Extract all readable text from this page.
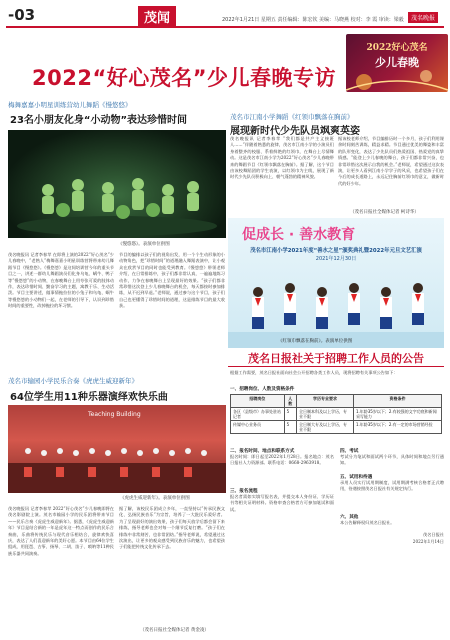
-03	茂闻	2022年1月21日 星期五 责任编辑：陈宏钦 美编：马晓燕 校对：李 霞 审读：梁毅	茂名晚报
2022“好心茂名”少儿春晚专访
2022好心茂名
少儿春晚
梅舞嘉嘉小明星训练营幼儿舞蹈《慢悠悠》
23名小朋友化身“小动物”表达珍惜时间
《慢悠悠》。表演单位供图
茂名晚报讯 记者李春苹 在即将上演的2022“好心茂名”少儿春晚中，“老熟人”梅舞嘉嘉小明星训练营将带来幼儿舞蹈节目《慢悠悠》。《慢悠悠》是这间培训营今年的重头节目之一，讲述一群幼儿舞蹈演员们化身乌龟、蜗牛、鸭子等“慢悠悠”的小动物，在春晚舞台上用夸张可爱的肢体动作，表达珍惜时间、勤奋学习的主题，寓教于乐、生动活泼。节目主要讲述，做事情拖拉拉的小兔子和乌龟、蜗牛等慢悠悠的小动物们一起，在老师的引导下，认识到珍惜时间的重要性，改掉拖拉的坏习惯。
节目的编排以孩子们的视角出发，用一个个生动形象的小动物角色，把“珍惜时间”的道理融入舞蹈表演中，让小观众在欣赏节目的同时也能受到教育。《慢悠悠》带领老师介绍，在日常排练中，孩子们都非常认真，一遍遍地练习动作，力争在春晚舞台上呈现最好的效果。“孩子们都非常珍惜这次登上少儿春晚舞台的机会，每天都按时参加排练，从不迟到早退。”老师说，通过参与这个节目，孩子们自己也更懂得了珍惜时间的道理，这是排练节目的最大收获。
茂名市江南小学舞蹈《红领巾飘落在胸前》
展现新时代少先队员飒爽英姿
茂名晚报讯 记者李春苹 “我们都是共产主义接班人……”伴随着熟悉的旋律，茂名市江南小学的小演员们身着整齐的校服、系着鲜艳的红领巾，在舞台上尽情舞动。这是茂名市江南小学为2022“好心茂名”少儿春晚带来的舞蹈节目《红领巾飘落在胸前》。据了解，这个节目由该校舞蹈团的学生表演，以红领巾为主线，展现了新时代少先队员积极向上、朝气蓬勃的精神风貌。
据该校老师介绍，节目编排历时一个多月，孩子们利用课余时间刻苦训练，精益求精。节目通过优美的舞姿和丰富的队形变化，表达了少先队员们热爱祖国、热爱党的真挚情感。“能登上少儿春晚的舞台，孩子们都非常兴奋，也非常珍惜这次展示自我的机会。”老师说，希望通过这次表演，让更多人看到江南小学学子的风采，也希望孩子们在今后的成长道路上，永远记住胸前红领巾的意义，做新时代的好少年。
（茂名日报社全媒体记者 柯诗华）
促成长 · 善水教育
茂名市江南小学2021年度“善水之星”颁奖典礼暨2022年元旦文艺汇演
2021年12月30日
《红领巾飘落在胸前》。表演单位供图
茂名市输园小学民乐合奏《虎虎生威迎新年》
64位学生用11种乐器演绎欢快乐曲
Teaching Building
《虎虎生威迎新年》。表演单位供图
茂名晚报讯 记者李春苹 2022“好心茂名”少儿春晚即将在茂名影剧院上演。茂名市输园小学的民乐团将带来节目——民乐合奏《虎虎生威迎新年》。据悉，《虎虎生威迎新年》节目是结合新的一年是虎年这一特点而创作的民乐合奏曲，乐曲将传统民乐与现代音乐相结合，旋律欢快喜庆，表达了人们喜迎新年的美好心愿。本节目由64位学生组成，用琵琶、古筝、扬琴、二胡、笛子、唢呐等11种民族乐器共同演奏。
据了解，该校民乐团成立多年，一直坚持以“传承民族文化、弘扬民族音乐”为宗旨，培养了一大批民乐爱好者。为了呈现最好的演出效果，孩子们每天放学后都会留下来排练，指导老师也会对每一个细节反复打磨。“孩子们在排练中非常刻苦，也非常团结。”指导老师说，希望通过这次演出，让更多的观众感受到民族音乐的魅力，也希望孩子们能把传统文化传承下去。
（茂名日报社全媒体记者 黄金凌）
茂名日报社关于招聘工作人员的公告
根据工作需要，茂名日报社面向社会公开招聘各类工作人员，现将招聘有关事项公告如下：
一、招聘岗位、人数及资格条件
招聘岗位	人数	学历专业要求	资格条件
各区（县级市）办事处驻站记者	5	全日制本科及以上学历，专业不限	1.年龄35岁以下；2.有较强的文字功底和新闻采写能力
传媒中心业务员	5	全日制大专及以上学历，专业不限	1.年龄35岁以下；2.有一定的市场营销经验
二、报名时间、地点和联系方式
报名时间：即日起至2022年1月28日。报名地点：茂名日报社人力资源部。联系电话：0668-2963918。
三、报名流程
报名者需如实填写报名表，并提交本人身份证、学历证书等相关证明材料。资格审查合格者方可参加笔试和面试。
四、考试
考试分为笔试和面试两个环节，具体时间和地点另行通知。
五、试用和待遇
录用人员实行试用期制度，试用期满考核合格者正式聘用，待遇按照茂名日报社有关规定执行。
六、其他
本公告解释权归茂名日报社。
茂名日报社
2022年1月14日
